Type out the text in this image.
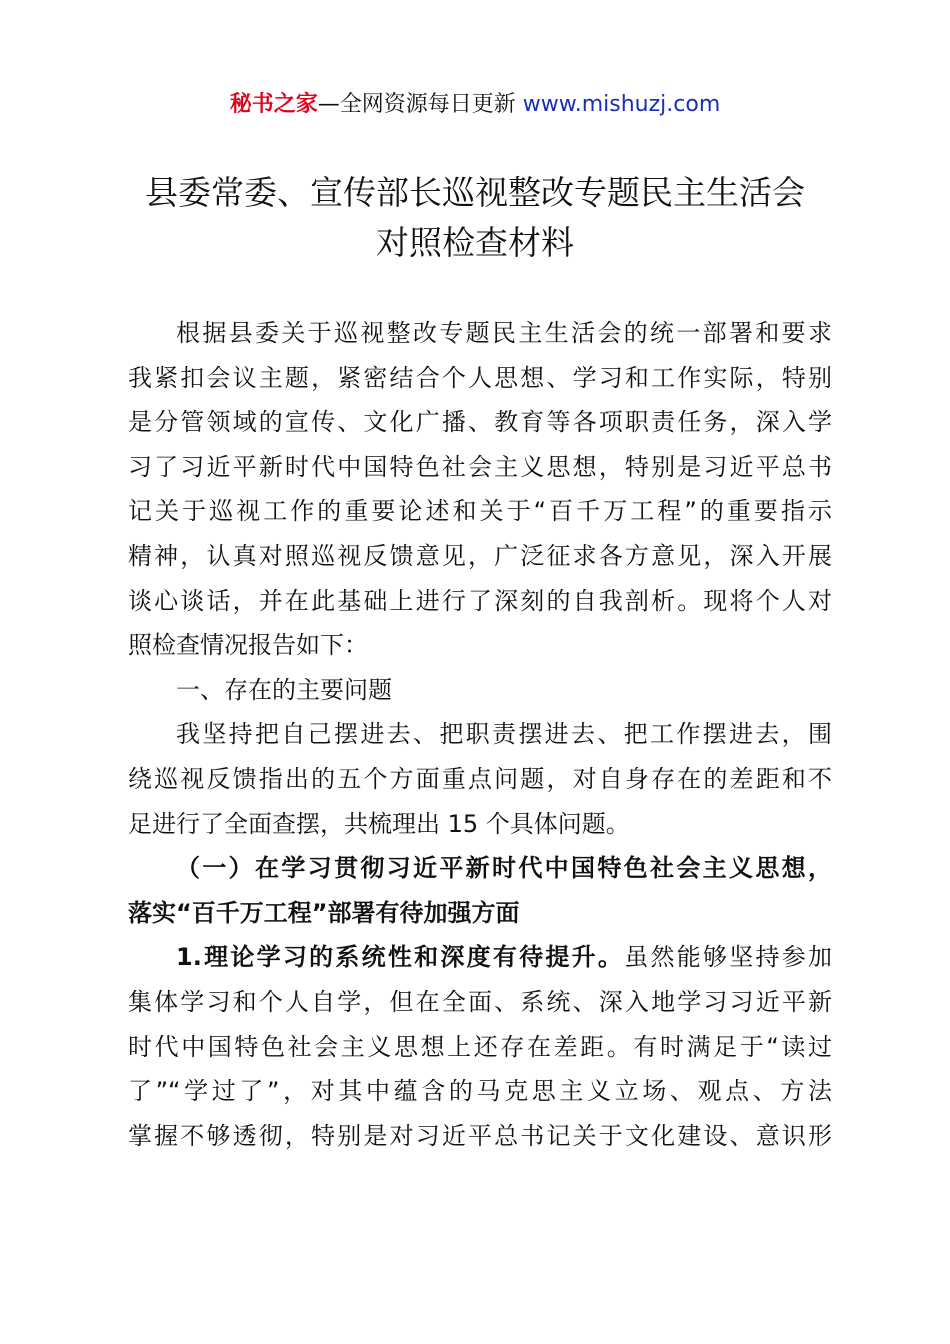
秘书之家—全网资源每日更新 www.mishuzj.com
县委常委、宣传部长巡视整改专题民主生活会
对照检查材料
根据县委关于巡视整改专题民主生活会的统一部署和要求
我紧扣会议主题，紧密结合个人思想、学习和工作实际，特别
是分管领域的宣传、文化广播、教育等各项职责任务，深入学
习了习近平新时代中国特色社会主义思想，特别是习近平总书
记关于巡视工作的重要论述和关于“百千万工程”的重要指示
精神，认真对照巡视反馈意见，广泛征求各方意见，深入开展
谈心谈话，并在此基础上进行了深刻的自我剖析。现将个人对
照检查情况报告如下：
一、存在的主要问题
我坚持把自己摆进去、把职责摆进去、把工作摆进去，围
绕巡视反馈指出的五个方面重点问题，对自身存在的差距和不
足进行了全面查摆，共梳理出 15 个具体问题。
（一）在学习贯彻习近平新时代中国特色社会主义思想，
落实“百千万工程”部署有待加强方面
1.理论学习的系统性和深度有待提升。虽然能够坚持参加
集体学习和个人自学，但在全面、系统、深入地学习习近平新
时代中国特色社会主义思想上还存在差距。有时满足于“读过
了”“学过了”，对其中蕴含的马克思主义立场、观点、方法
掌握不够透彻，特别是对习近平总书记关于文化建设、意识形
